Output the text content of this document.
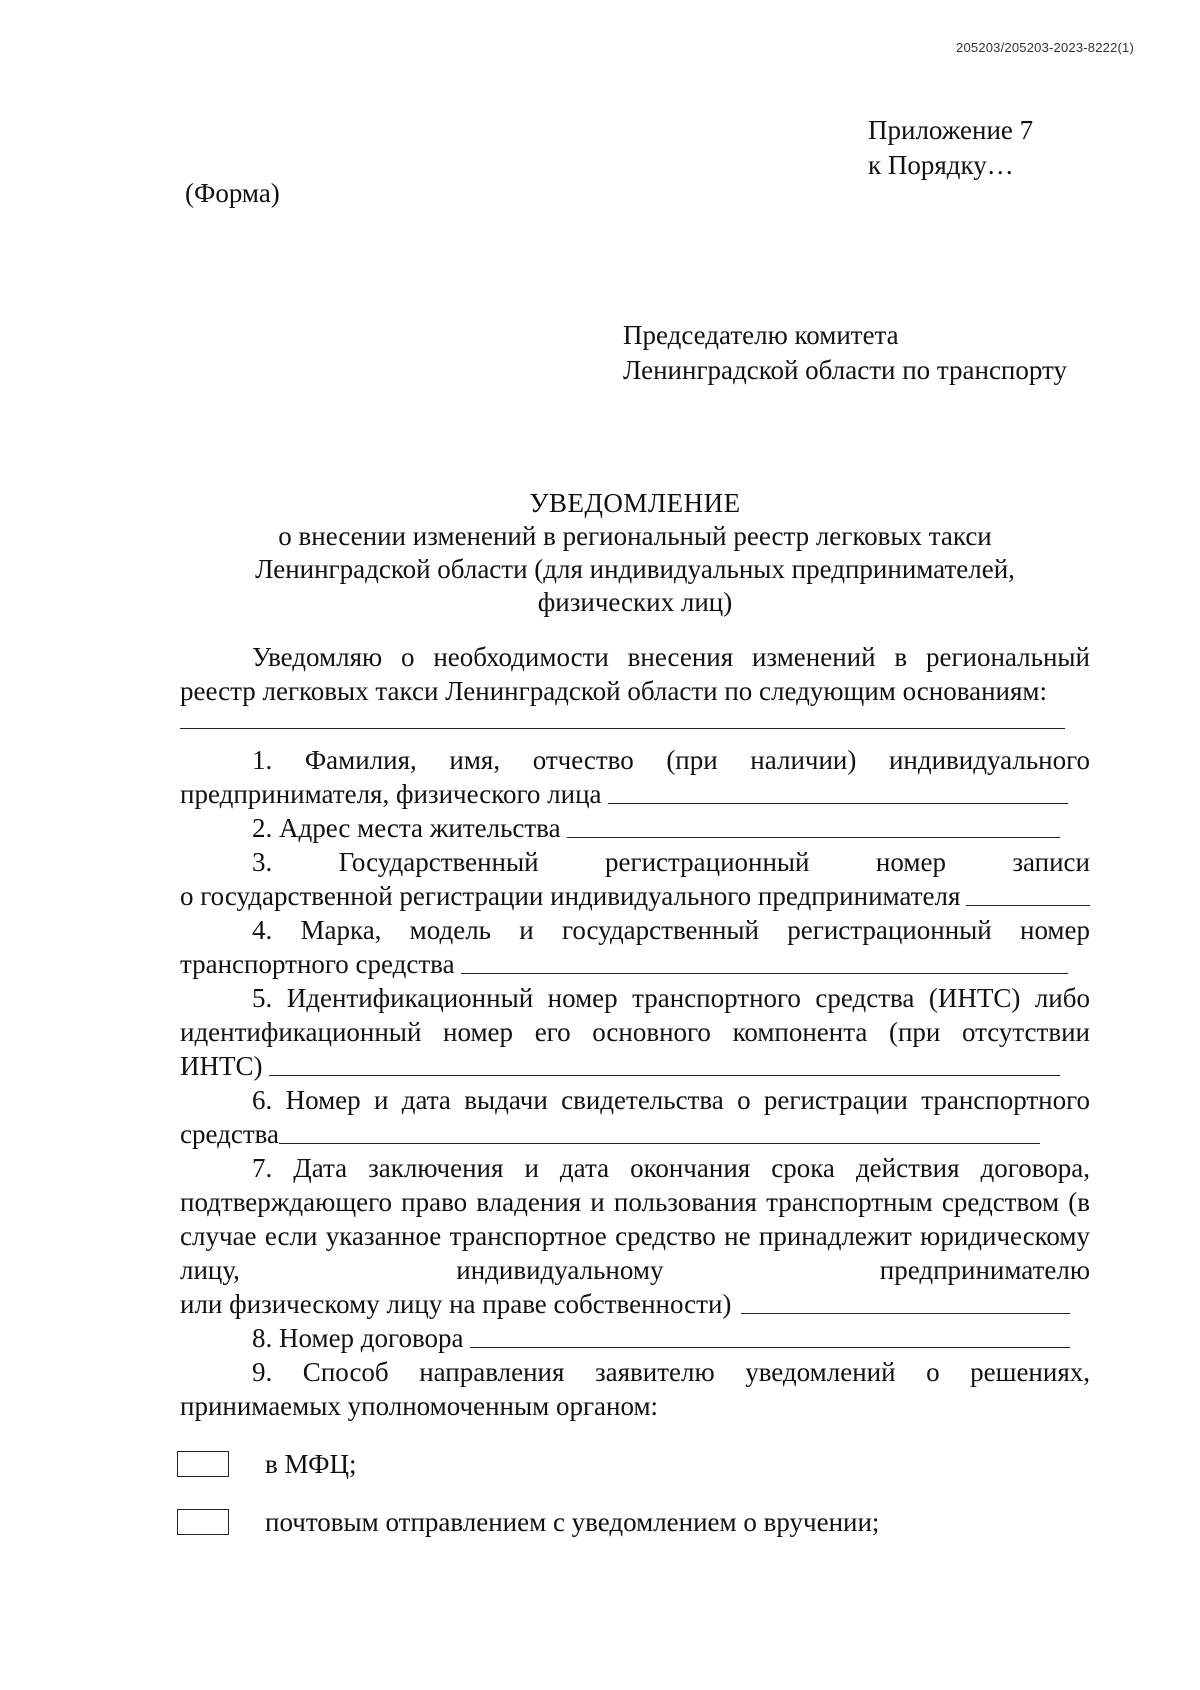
205203/205203-2023-8222(1)
Приложение 7
к Порядку…
(Форма)
Председателю комитета
Ленинградской области по транспорту
УВЕДОМЛЕНИЕ
о внесении изменений в региональный реестр легковых такси
Ленинградской области (для индивидуальных предпринимателей,
физических лиц)
Уведомляю о необходимости внесения изменений в региональный реестр легковых такси Ленинградской области по следующим основаниям:
1. Фамилия, имя, отчество (при наличии) индивидуального
предпринимателя, физического лица
2. Адрес места жительства
3. Государственный регистрационный номер записи
о государственной регистрации индивидуального предпринимателя
4. Марка, модель и государственный регистрационный номер
транспортного средства
5. Идентификационный номер транспортного средства (ИНТС) либо идентификационный номер его основного компонента (при отсутствии
ИНТС)
6. Номер и дата выдачи свидетельства о регистрации транспортного
средства
7. Дата заключения и дата окончания срока действия договора, подтверждающего право владения и пользования транспортным средством (в случае если указанное транспортное средство не принадлежит юридическому лицу, индивидуальному предпринимателю
или физическому лицу на праве собственности)
8. Номер договора
9. Способ направления заявителю уведомлений о решениях, принимаемых уполномоченным органом:
в МФЦ;
почтовым отправлением с уведомлением о вручении;
